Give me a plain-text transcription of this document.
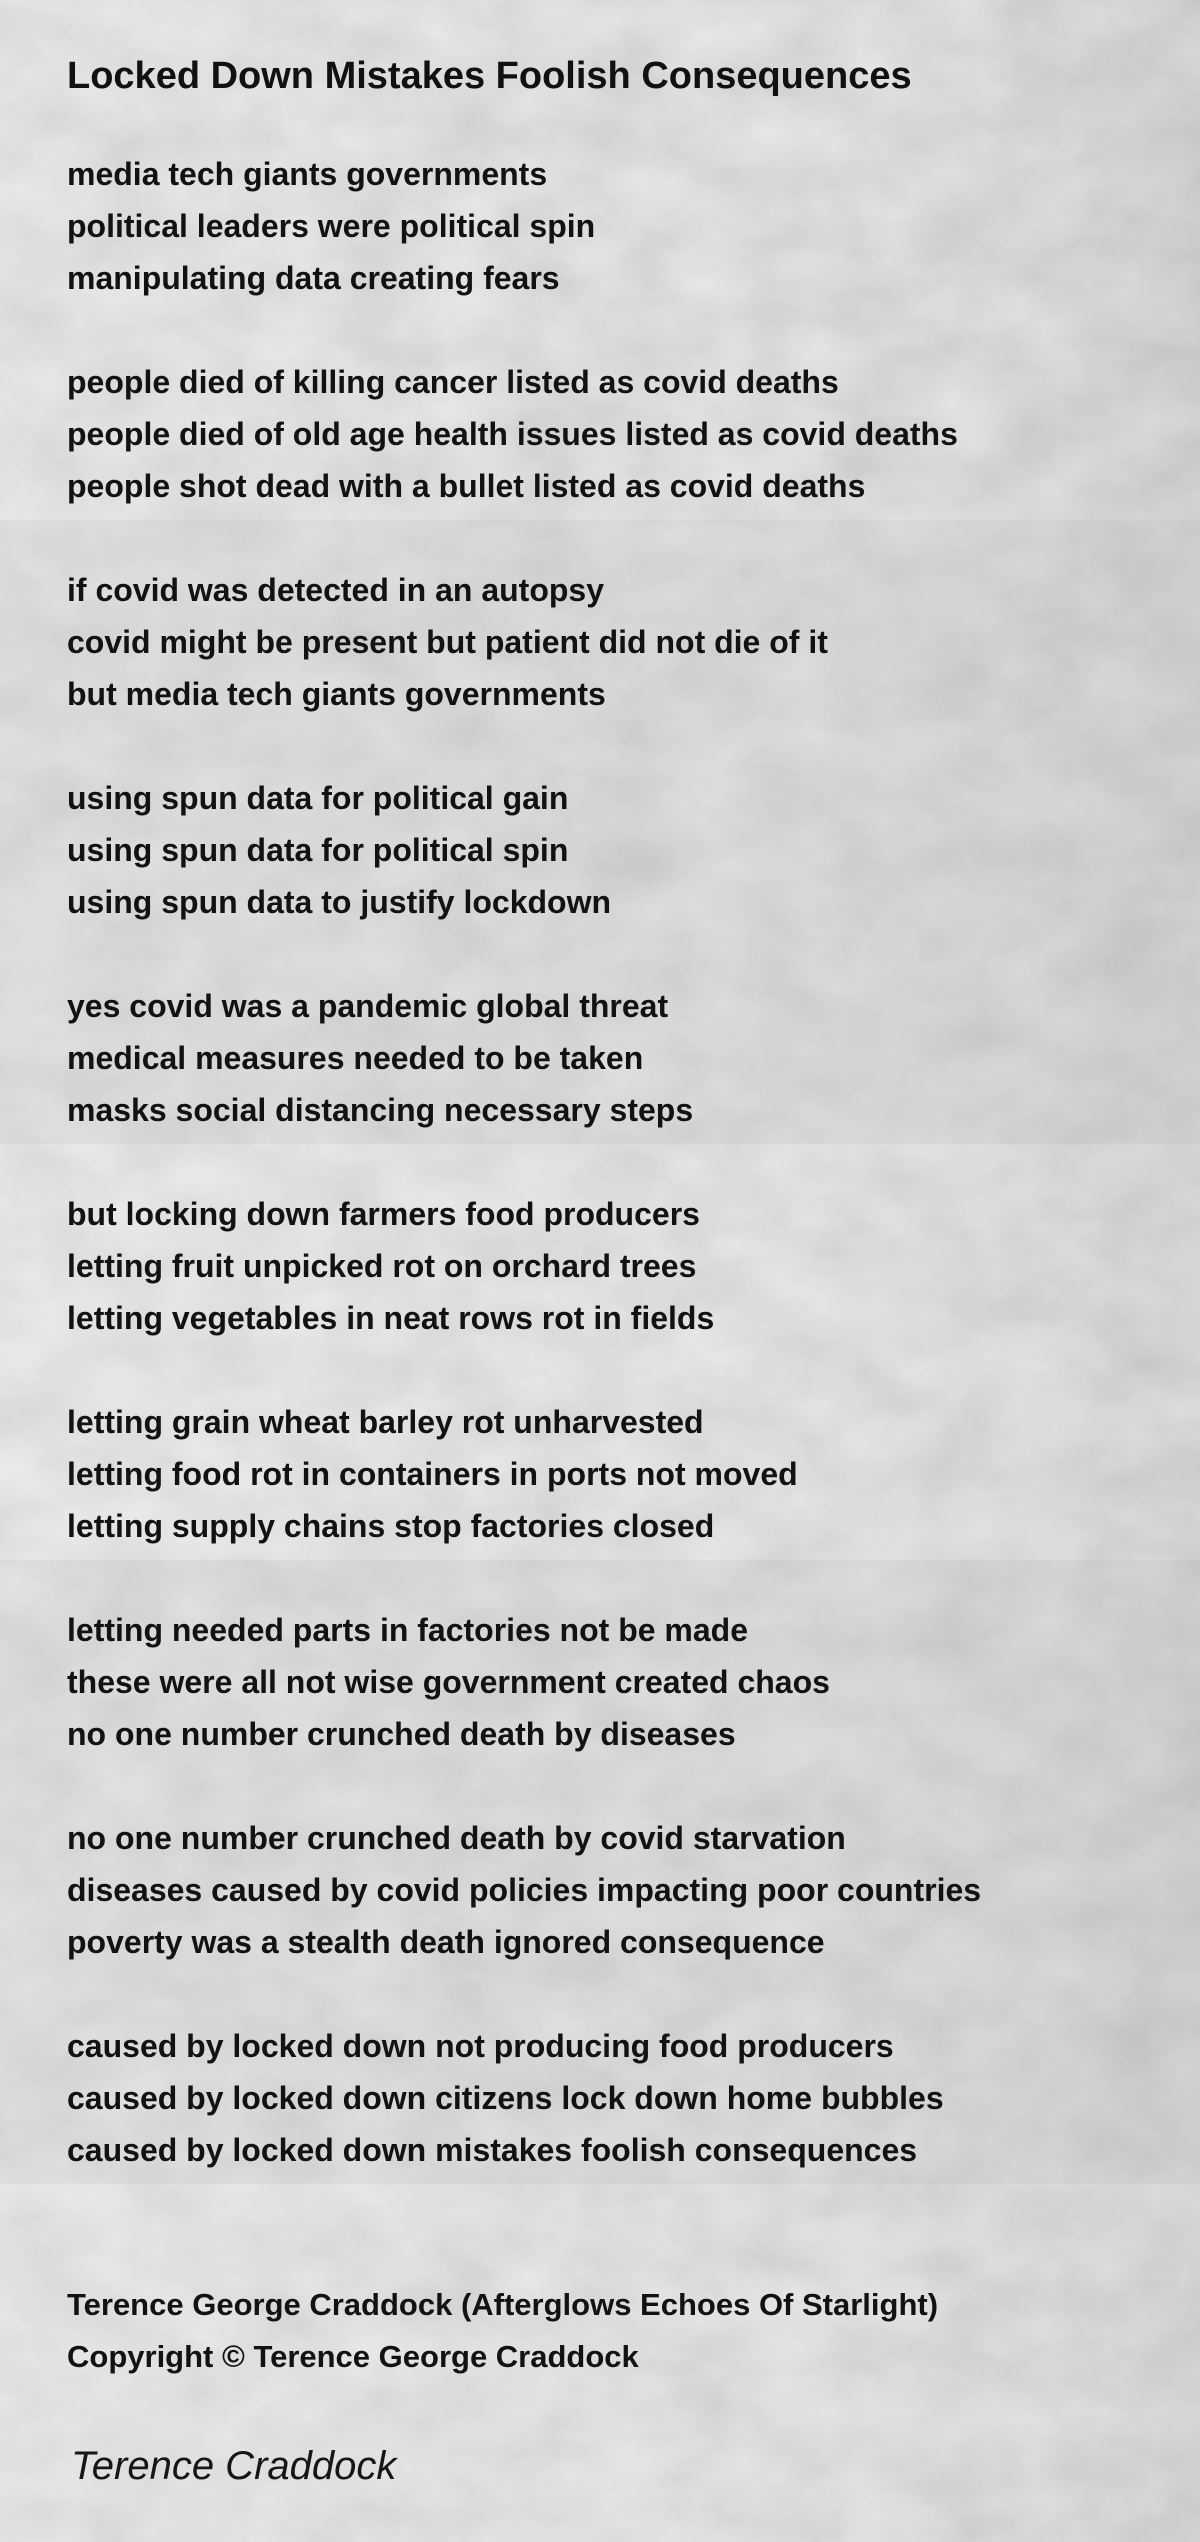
Locked Down Mistakes Foolish Consequences
media tech giants governments
political leaders were political spin
manipulating data creating fears
people died of killing cancer listed as covid deaths
people died of old age health issues listed as covid deaths
people shot dead with a bullet listed as covid deaths
if covid was detected in an autopsy
covid might be present but patient did not die of it
but media tech giants governments
using spun data for political gain
using spun data for political spin
using spun data to justify lockdown
yes covid was a pandemic global threat
medical measures needed to be taken
masks social distancing necessary steps
but locking down farmers food producers
letting fruit unpicked rot on orchard trees
letting vegetables in neat rows rot in fields
letting grain wheat barley rot unharvested
letting food rot in containers in ports not moved
letting supply chains stop factories closed
letting needed parts in factories not be made
these were all not wise government created chaos
no one number crunched death by diseases
no one number crunched death by covid starvation
diseases caused by covid policies impacting poor countries
poverty was a stealth death ignored consequence
caused by locked down not producing food producers
caused by locked down citizens lock down home bubbles
caused by locked down mistakes foolish consequences
Terence George Craddock (Afterglows Echoes Of Starlight)
Copyright © Terence George Craddock
Terence Craddock
